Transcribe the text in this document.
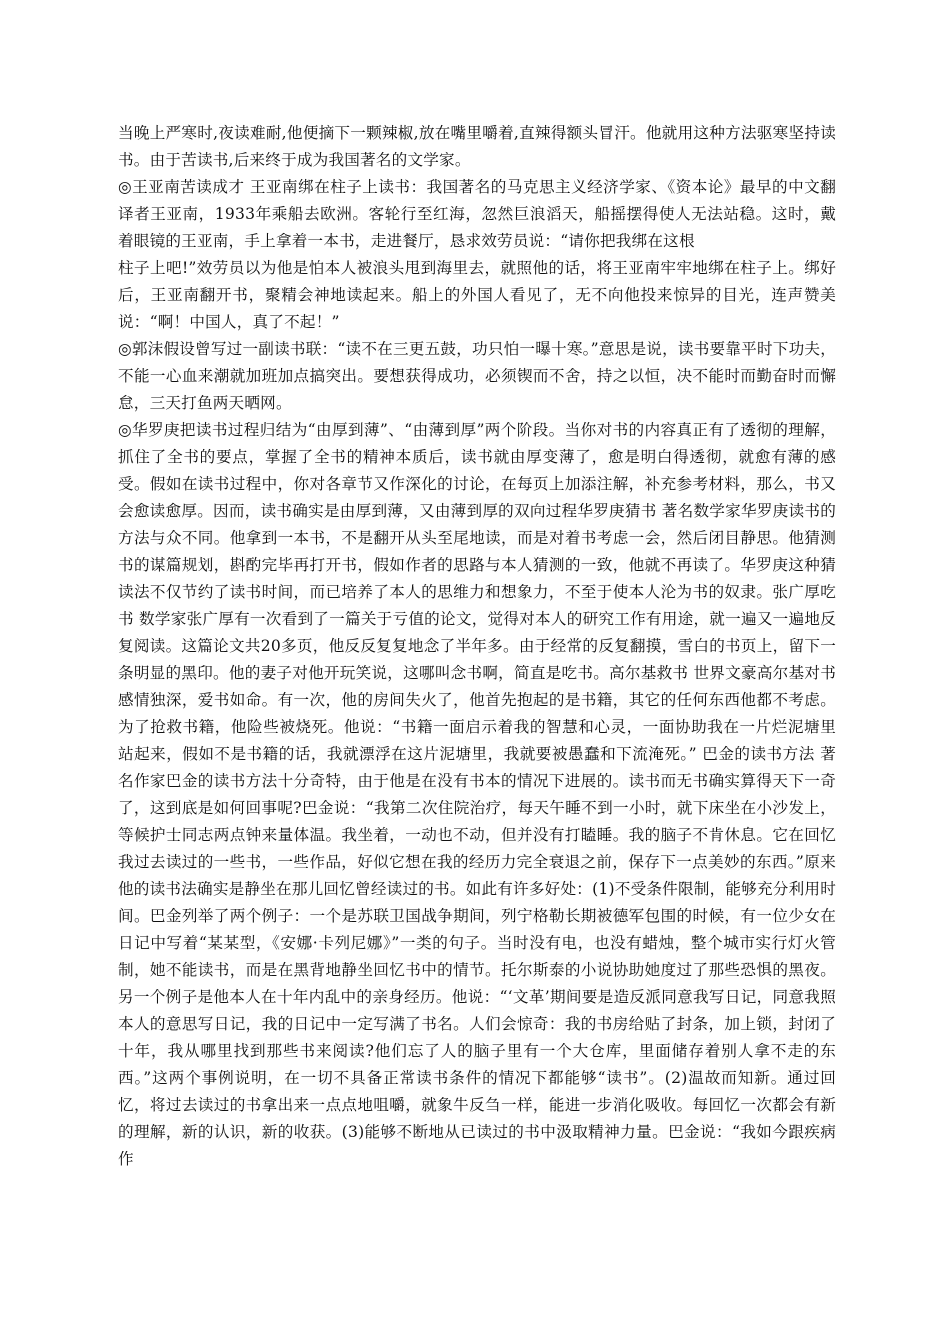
当晚上严寒时,夜读难耐,他便摘下一颗辣椒,放在嘴里嚼着,直辣得额头冒汗。他就用这种方法驱寒坚持读书。由于苦读书,后来终于成为我国著名的文学家。

◎王亚南苦读成才 王亚南绑在柱子上读书：我国著名的马克思主义经济学家、《资本论》最早的中文翻译者王亚南，1933年乘船去欧洲。客轮行至红海，忽然巨浪滔天，船摇摆得使人无法站稳。这时，戴着眼镜的王亚南，手上拿着一本书，走进餐厅，恳求效劳员说：“请你把我绑在这根

柱子上吧!”效劳员以为他是怕本人被浪头甩到海里去，就照他的话，将王亚南牢牢地绑在柱子上。绑好后，王亚南翻开书，聚精会神地读起来。船上的外国人看见了，无不向他投来惊异的目光，连声赞美说：“啊！中国人，真了不起！”

◎郭沫假设曾写过一副读书联：“读不在三更五鼓，功只怕一曝十寒。”意思是说，读书要靠平时下功夫，不能一心血来潮就加班加点搞突出。要想获得成功，必须锲而不舍，持之以恒，决不能时而勤奋时而懈怠，三天打鱼两天晒网。

◎华罗庚把读书过程归结为“由厚到薄”、“由薄到厚”两个阶段。当你对书的内容真正有了透彻的理解，抓住了全书的要点，掌握了全书的精神本质后，读书就由厚变薄了，愈是明白得透彻，就愈有薄的感受。假如在读书过程中，你对各章节又作深化的讨论，在每页上加添注解，补充参考材料，那么，书又会愈读愈厚。因而，读书确实是由厚到薄，又由薄到厚的双向过程华罗庚猜书 著名数学家华罗庚读书的方法与众不同。他拿到一本书，不是翻开从头至尾地读，而是对着书考虑一会，然后闭目静思。他猜测书的谋篇规划，斟酌完毕再打开书，假如作者的思路与本人猜测的一致，他就不再读了。华罗庚这种猜读法不仅节约了读书时间，而已培养了本人的思维力和想象力，不至于使本人沦为书的奴隶。张广厚吃书 数学家张广厚有一次看到了一篇关于亏值的论文，觉得对本人的研究工作有用途，就一遍又一遍地反复阅读。这篇论文共20多页，他反反复复地念了半年多。由于经常的反复翻摸，雪白的书页上，留下一条明显的黑印。他的妻子对他开玩笑说，这哪叫念书啊，简直是吃书。高尔基救书 世界文豪高尔基对书感情独深，爱书如命。有一次，他的房间失火了，他首先抱起的是书籍，其它的任何东西他都不考虑。为了抢救书籍，他险些被烧死。他说：“书籍一面启示着我的智慧和心灵，一面协助我在一片烂泥塘里站起来，假如不是书籍的话，我就漂浮在这片泥塘里，我就要被愚蠢和下流淹死。” 巴金的读书方法 著名作家巴金的读书方法十分奇特，由于他是在没有书本的情况下进展的。读书而无书确实算得天下一奇了，这到底是如何回事呢?巴金说：“我第二次住院治疗，每天午睡不到一小时，就下床坐在小沙发上，等候护士同志两点钟来量体温。我坐着，一动也不动，但并没有打瞌睡。我的脑子不肯休息。它在回忆我过去读过的一些书，一些作品，好似它想在我的经历力完全衰退之前，保存下一点美妙的东西。”原来他的读书法确实是静坐在那儿回忆曾经读过的书。如此有许多好处：(1)不受条件限制，能够充分利用时间。巴金列举了两个例子：一个是苏联卫国战争期间，列宁格勒长期被德军包围的时候，有一位少女在日记中写着“某某型，《安娜·卡列尼娜》”一类的句子。当时没有电，也没有蜡烛，整个城市实行灯火管制，她不能读书，而是在黑背地静坐回忆书中的情节。托尔斯泰的小说协助她度过了那些恐惧的黑夜。另一个例子是他本人在十年内乱中的亲身经历。他说：“‘文革’期间要是造反派同意我写日记，同意我照本人的意思写日记，我的日记中一定写满了书名。人们会惊奇：我的书房给贴了封条，加上锁，封闭了十年，我从哪里找到那些书来阅读?他们忘了人的脑子里有一个大仓库，里面储存着别人拿不走的东西。”这两个事例说明，在一切不具备正常读书条件的情况下都能够“读书”。(2)温故而知新。通过回忆，将过去读过的书拿出来一点点地咀嚼，就象牛反刍一样，能进一步消化吸收。每回忆一次都会有新的理解，新的认识，新的收获。(3)能够不断地从已读过的书中汲取精神力量。巴金说：“我如今跟疾病作
